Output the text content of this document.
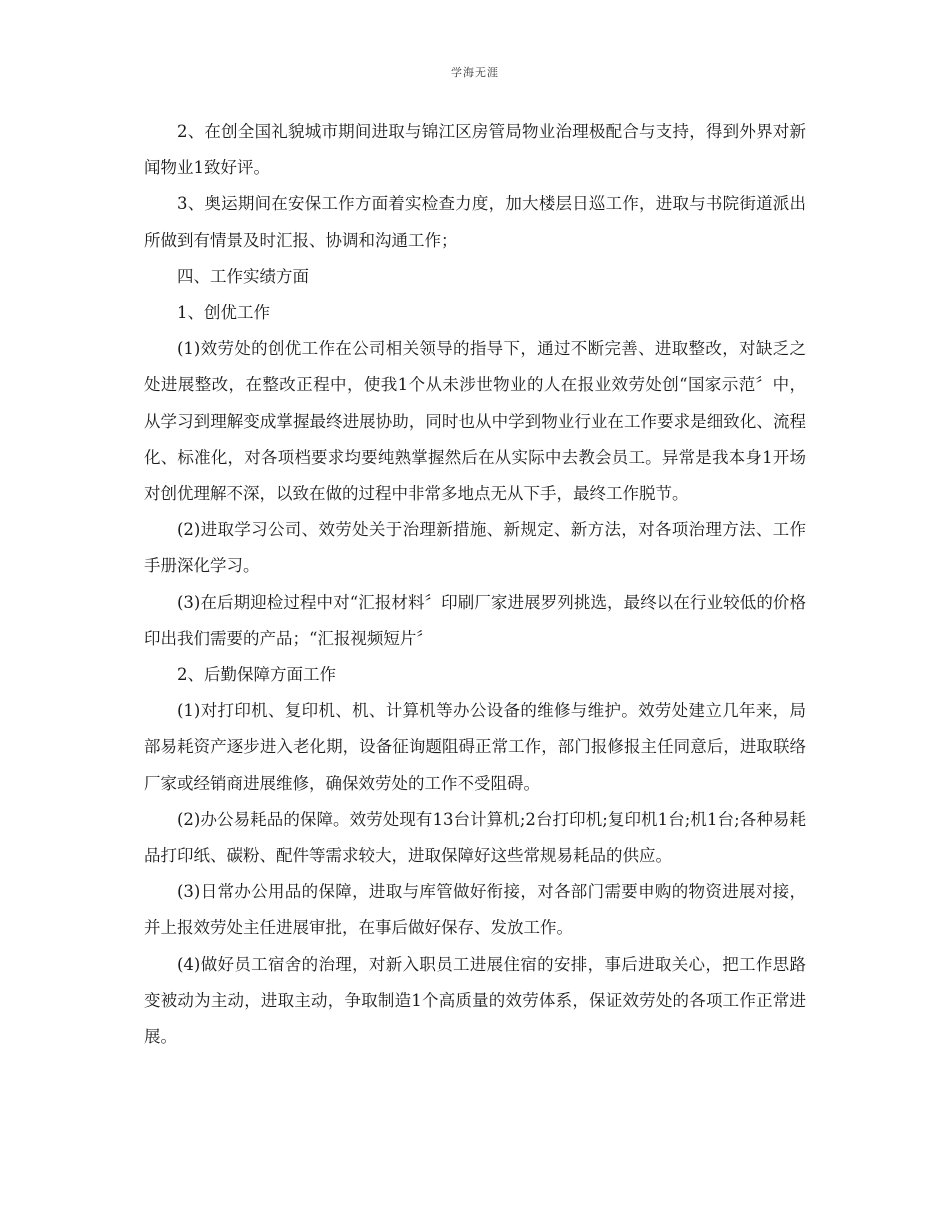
学海无涯

2、在创全国礼貌城市期间进取与锦江区房管局物业治理极配合与支持，得到外界对新闻物业1致好评。

3、奥运期间在安保工作方面着实检查力度，加大楼层日巡工作，进取与书院街道派出所做到有情景及时汇报、协调和沟通工作；

四、工作实绩方面

1、创优工作

(1)效劳处的创优工作在公司相关领导的指导下，通过不断完善、进取整改，对缺乏之处进展整改，在整改正程中，使我1个从未涉世物业的人在报业效劳处创“国家示范〞中，从学习到理解变成掌握最终进展协助，同时也从中学到物业行业在工作要求是细致化、流程化、标准化，对各项档要求均要纯熟掌握然后在从实际中去教会员工。异常是我本身1开场对创优理解不深，以致在做的过程中非常多地点无从下手，最终工作脱节。

(2)进取学习公司、效劳处关于治理新措施、新规定、新方法，对各项治理方法、工作手册深化学习。

(3)在后期迎检过程中对“汇报材料〞印刷厂家进展罗列挑选，最终以在行业较低的价格印出我们需要的产品；“汇报视频短片〞

2、后勤保障方面工作

(1)对打印机、复印机、机、计算机等办公设备的维修与维护。效劳处建立几年来，局部易耗资产逐步进入老化期，设备征询题阻碍正常工作，部门报修报主任同意后，进取联络厂家或经销商进展维修，确保效劳处的工作不受阻碍。

(2)办公易耗品的保障。效劳处现有13台计算机;2台打印机;复印机1台;机1台;各种易耗品打印纸、碳粉、配件等需求较大，进取保障好这些常规易耗品的供应。

(3)日常办公用品的保障，进取与库管做好衔接，对各部门需要申购的物资进展对接，并上报效劳处主任进展审批，在事后做好保存、发放工作。

(4)做好员工宿舍的治理，对新入职员工进展住宿的安排，事后进取关心，把工作思路变被动为主动，进取主动，争取制造1个高质量的效劳体系，保证效劳处的各项工作正常进展。
